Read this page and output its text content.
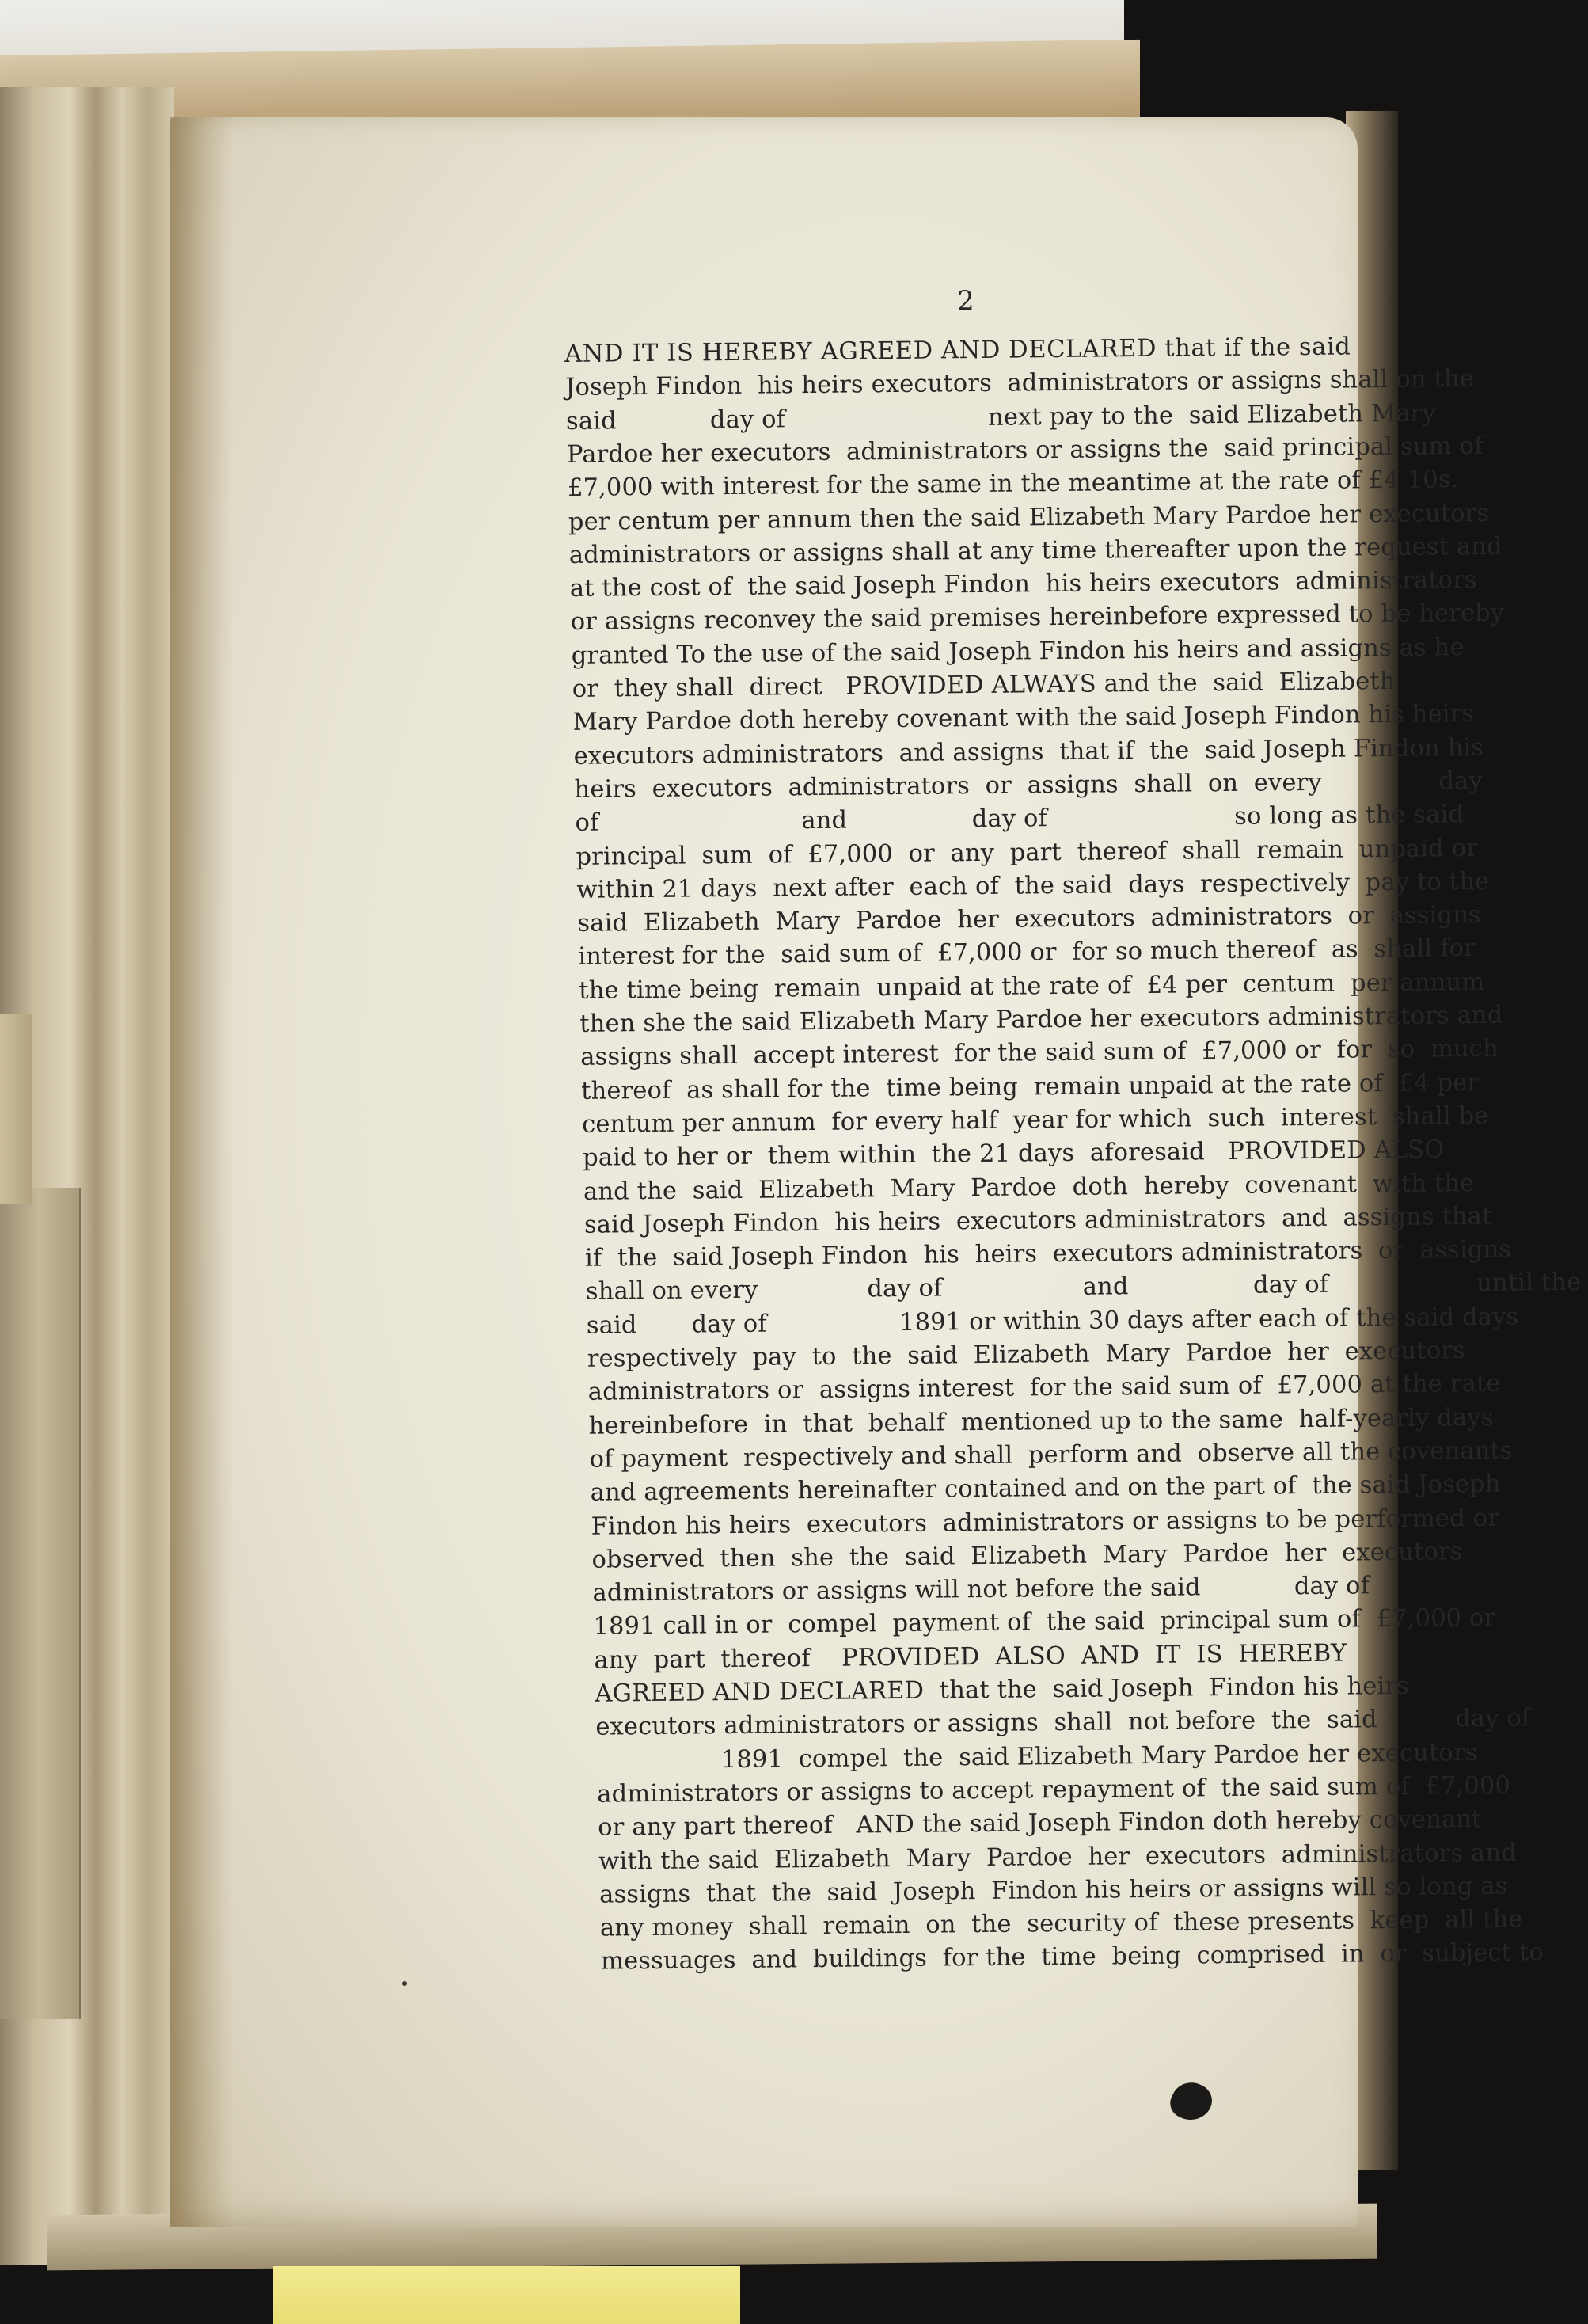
2
AND IT IS HEREBY AGREED AND DECLARED that if the said
Joseph Findon  his heirs executors  administrators or assigns shall on the
said            day of                          next pay to the  said Elizabeth Mary
Pardoe her executors  administrators or assigns the  said principal sum of
£7,000 with interest for the same in the meantime at the rate of £4 10s.
per centum per annum then the said Elizabeth Mary Pardoe her executors
administrators or assigns shall at any time thereafter upon the request and
at the cost of  the said Joseph Findon  his heirs executors  administrators
or assigns reconvey the said premises hereinbefore expressed to be hereby
granted To the use of the said Joseph Findon his heirs and assigns as he
or  they shall  direct   PROVIDED ALWAYS and the  said  Elizabeth
Mary Pardoe doth hereby covenant with the said Joseph Findon his heirs
executors administrators  and assigns  that if  the  said Joseph Findon his
heirs  executors  administrators  or  assigns  shall  on  every               day
of                          and                day of                        so long as the said
principal  sum  of  £7,000  or  any  part  thereof  shall  remain  unpaid or
within 21 days  next after  each of  the said  days  respectively  pay to the
said  Elizabeth  Mary  Pardoe  her  executors  administrators  or  assigns
interest for the  said sum of  £7,000 or  for so much thereof  as  shall for
the time being  remain  unpaid at the rate of  £4 per  centum  per annum
then she the said Elizabeth Mary Pardoe her executors administrators and
assigns shall  accept interest  for the said sum of  £7,000 or  for  so  much
thereof  as shall for the  time being  remain unpaid at the rate of  £4 per
centum per annum  for every half  year for which  such  interest  shall be
paid to her or  them within  the 21 days  aforesaid   PROVIDED ALSO
and the  said  Elizabeth  Mary  Pardoe  doth  hereby  covenant  with the
said Joseph Findon  his heirs  executors administrators  and  assigns that
if  the  said Joseph Findon  his  heirs  executors administrators  or  assigns
shall on every              day of                  and                day of                   until the
said       day of                 1891 or within 30 days after each of the said days
respectively  pay  to  the  said  Elizabeth  Mary  Pardoe  her  executors
administrators or  assigns interest  for the said sum of  £7,000 at the rate
hereinbefore  in  that  behalf  mentioned up to the same  half-yearly days
of payment  respectively and shall  perform and  observe all the covenants
and agreements hereinafter contained and on the part of  the said Joseph
Findon his heirs  executors  administrators or assigns to be performed or
observed  then  she  the  said  Elizabeth  Mary  Pardoe  her  executors
administrators or assigns will not before the said            day of
1891 call in or  compel  payment of  the said  principal sum of  £7,000 or
any  part  thereof    PROVIDED  ALSO  AND  IT  IS  HEREBY
AGREED AND DECLARED  that the  said Joseph  Findon his heirs
executors administrators or assigns  shall  not before  the  said          day of
1891  compel  the  said Elizabeth Mary Pardoe her executors
administrators or assigns to accept repayment of  the said sum of  £7,000
or any part thereof   AND the said Joseph Findon doth hereby covenant
with the said  Elizabeth  Mary  Pardoe  her  executors  administrators and
assigns  that  the  said  Joseph  Findon his heirs or assigns will so long as
any money  shall  remain  on  the  security of  these presents  keep  all the
messuages  and  buildings  for the  time  being  comprised  in  or  subject to
